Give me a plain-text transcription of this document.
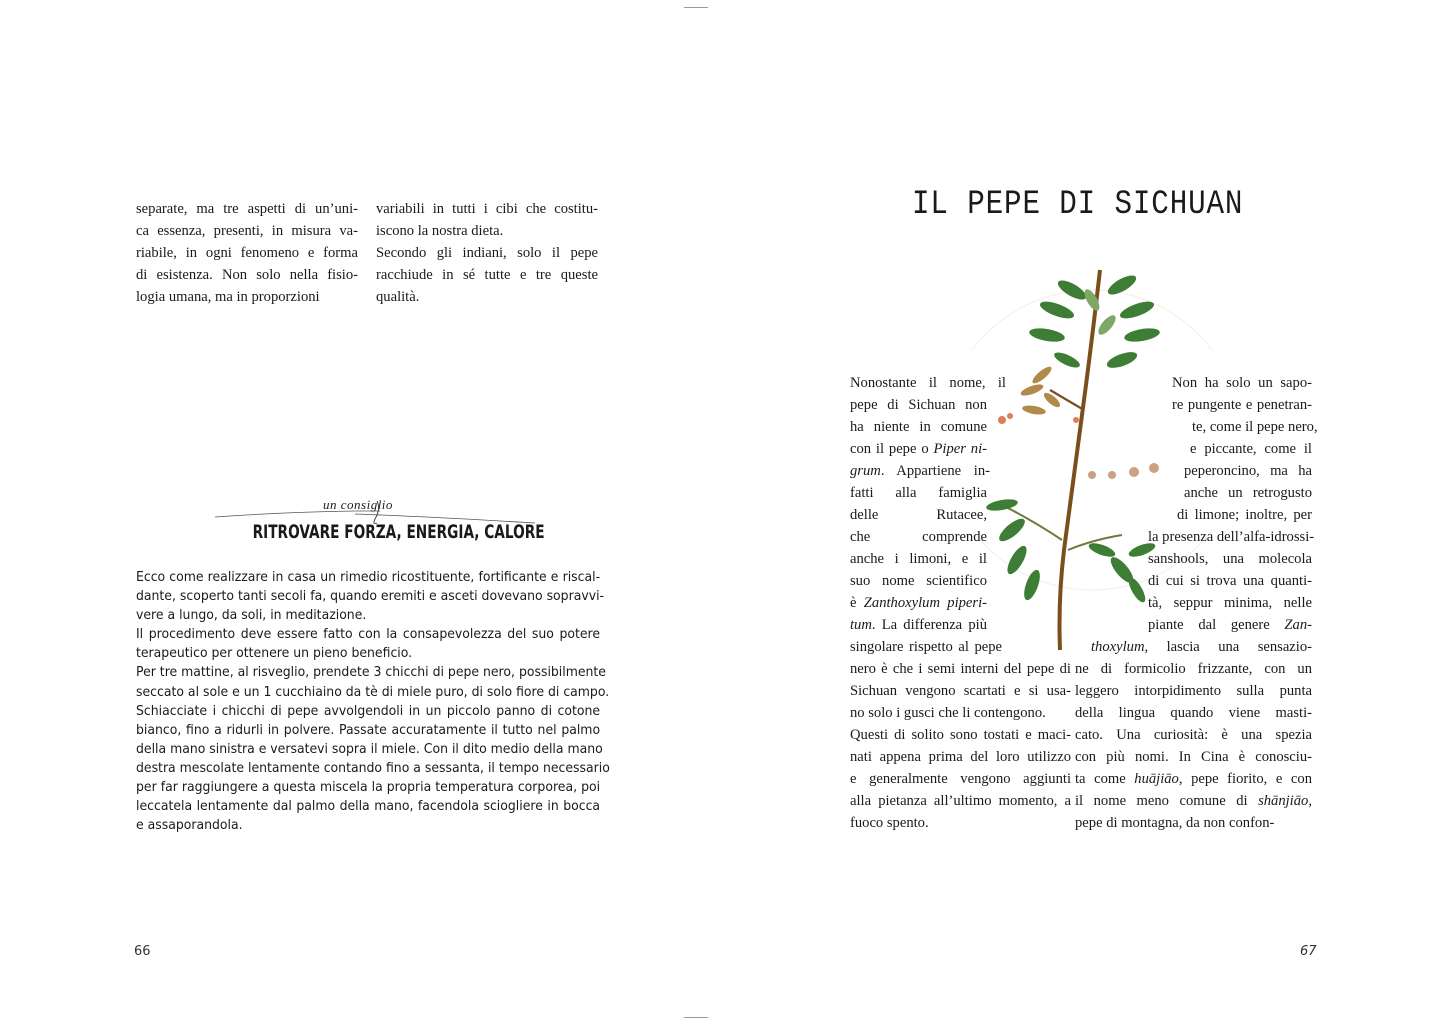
separate, ma tre aspetti di un’uni-
ca essenza, presenti, in misura va-
riabile, in ogni fenomeno e forma
di esistenza. Non solo nella fisio-
logia umana, ma in proporzioni
variabili in tutti i cibi che costitu-
iscono la nostra dieta.
Secondo gli indiani, solo il pepe
racchiude in sé tutte e tre queste
qualità.
un consiglio
RITROVARE FORZA, ENERGIA, CALORE
Ecco come realizzare in casa un rimedio ricostituente, fortificante e riscal-
dante, scoperto tanti secoli fa, quando eremiti e asceti dovevano sopravvi-
vere a lungo, da soli, in meditazione.
Il procedimento deve essere fatto con la consapevolezza del suo potere
terapeutico per ottenere un pieno beneficio.
Per tre mattine, al risveglio, prendete 3 chicchi di pepe nero, possibilmente
seccato al sole e un 1 cucchiaino da tè di miele puro, di solo fiore di campo.
Schiacciate i chicchi di pepe avvolgendoli in un piccolo panno di cotone
bianco, fino a ridurli in polvere. Passate accuratamente il tutto nel palmo
della mano sinistra e versatevi sopra il miele. Con il dito medio della mano
destra mescolate lentamente contando fino a sessanta, il tempo necessario
per far raggiungere a questa miscela la propria temperatura corporea, poi
leccatela lentamente dal palmo della mano, facendola sciogliere in bocca
e assaporandola.
66
IL PEPE DI SICHUAN
Nonostante il nome, il
pepe di Sichuan non
ha niente in comune
con il pepe o Piper ni-
grum. Appartiene in-
fatti alla famiglia
delle Rutacee,
che comprende
anche i limoni, e il
suo nome scientifico
è Zanthoxylum piperi-
tum. La differenza più
singolare rispetto al pepe
nero è che i semi interni del pepe di
Sichuan vengono scartati e si usa-
no solo i gusci che li contengono.
Questi di solito sono tostati e maci-
nati appena prima del loro utilizzo
e generalmente vengono aggiunti
alla pietanza all’ultimo momento, a
fuoco spento.
Non ha solo un sapo-
re pungente e penetran-
te, come il pepe nero,
e piccante, come il
peperoncino, ma ha
anche un retrogusto
di limone; inoltre, per
la presenza dell’alfa-idrossi-
sanshools, una molecola
di cui si trova una quanti-
tà, seppur minima, nelle
piante dal genere Zan-
thoxylum, lascia una sensazio-
ne di formicolio frizzante, con un
leggero intorpidimento sulla punta
della lingua quando viene masti-
cato. Una curiosità: è una spezia
con più nomi. In Cina è conosciu-
ta come huājiāo, pepe fiorito, e con
il nome meno comune di shānjiāo,
pepe di montagna, da non confon-
67
